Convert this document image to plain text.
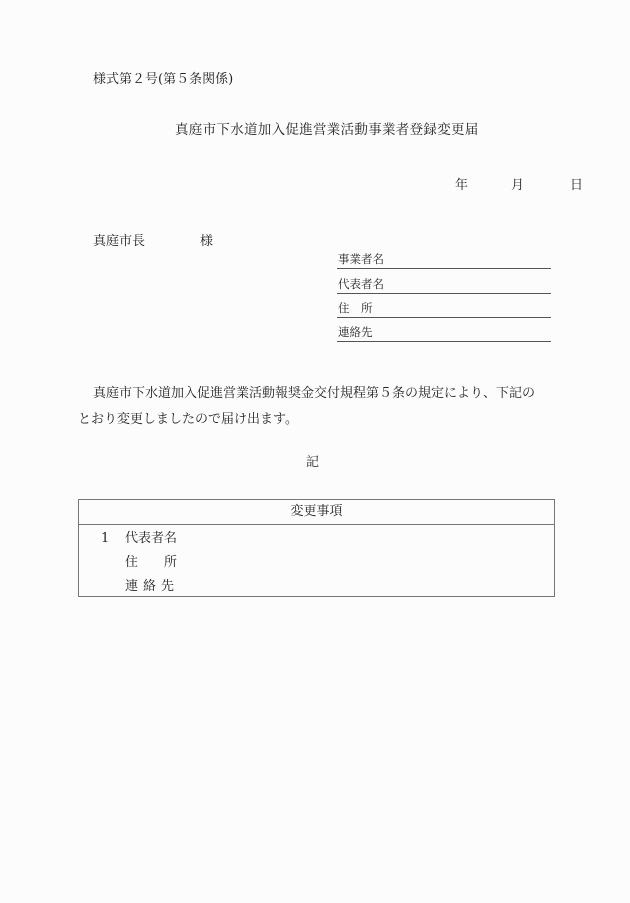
様式第２号(第５条関係)
真庭市下水道加入促進営業活動事業者登録変更届
年	月	日
真庭市長	様
事業者名
代表者名
住　所
連絡先
真庭市下水道加入促進営業活動報奨金交付規程第５条の規定により、下記の
とおり変更しましたので届け出ます。
記
変更事項
1 代表者名
住　　所
連絡先
